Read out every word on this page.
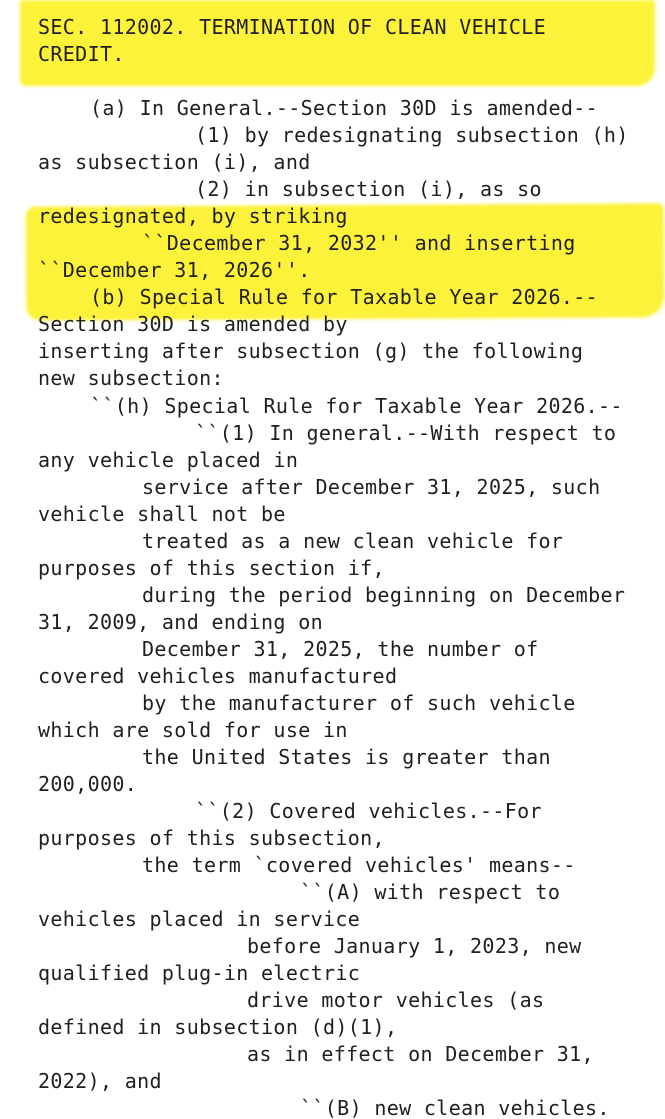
SEC. 112002. TERMINATION OF CLEAN VEHICLE
CREDIT.
(a) In General.--Section 30D is amended--
(1) by redesignating subsection (h)
as subsection (i), and
(2) in subsection (i), as so
redesignated, by striking
``December 31, 2032'' and inserting
``December 31, 2026''.
(b) Special Rule for Taxable Year 2026.--
Section 30D is amended by
inserting after subsection (g) the following
new subsection:
``(h) Special Rule for Taxable Year 2026.--
``(1) In general.--With respect to
any vehicle placed in
service after December 31, 2025, such
vehicle shall not be
treated as a new clean vehicle for
purposes of this section if,
during the period beginning on December
31, 2009, and ending on
December 31, 2025, the number of
covered vehicles manufactured
by the manufacturer of such vehicle
which are sold for use in
the United States is greater than
200,000.
``(2) Covered vehicles.--For
purposes of this subsection,
the term `covered vehicles' means--
``(A) with respect to
vehicles placed in service
before January 1, 2023, new
qualified plug-in electric
drive motor vehicles (as
defined in subsection (d)(1),
as in effect on December 31,
2022), and
``(B) new clean vehicles.
